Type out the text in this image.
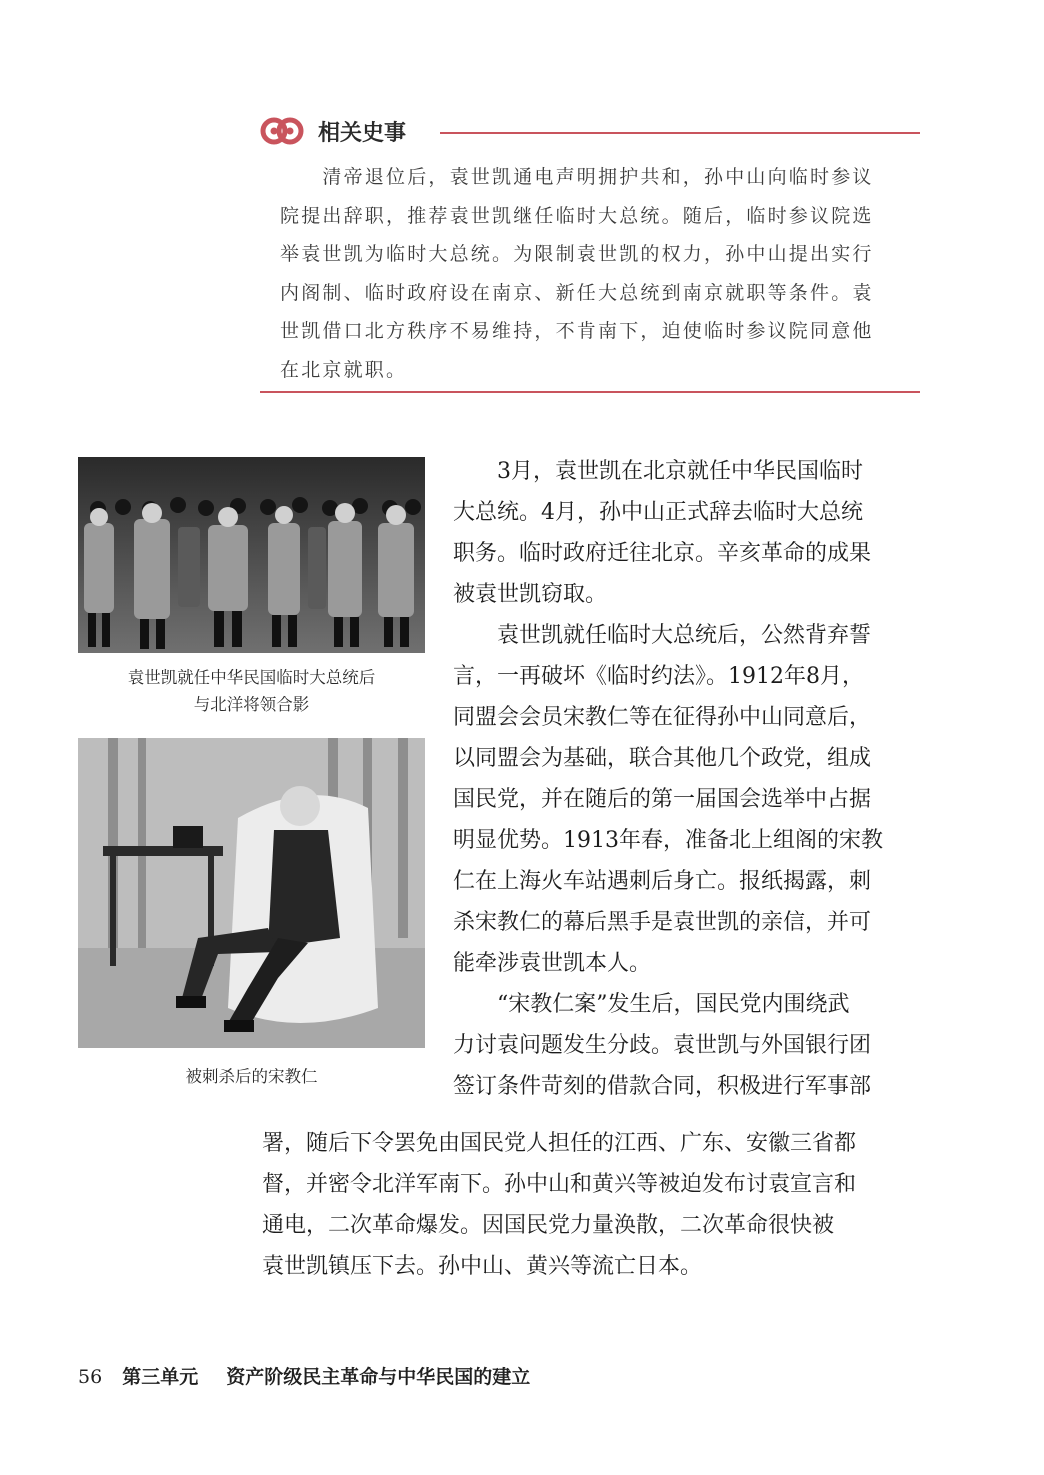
相关史事
　　清帝退位后，袁世凯通电声明拥护共和，孙中山向临时参议
院提出辞职，推荐袁世凯继任临时大总统。随后，临时参议院选
举袁世凯为临时大总统。为限制袁世凯的权力，孙中山提出实行
内阁制、临时政府设在南京、新任大总统到南京就职等条件。袁
世凯借口北方秩序不易维持，不肯南下，迫使临时参议院同意他
在北京就职。
袁世凯就任中华民国临时大总统后
与北洋将领合影
被刺杀后的宋教仁
3月，袁世凯在北京就任中华民国临时
大总统。4月，孙中山正式辞去临时大总统
职务。临时政府迁往北京。辛亥革命的成果
被袁世凯窃取。
袁世凯就任临时大总统后，公然背弃誓
言，一再破坏《临时约法》。1912年8月，
同盟会会员宋教仁等在征得孙中山同意后，
以同盟会为基础，联合其他几个政党，组成
国民党，并在随后的第一届国会选举中占据
明显优势。1913年春，准备北上组阁的宋教
仁在上海火车站遇刺后身亡。报纸揭露，刺
杀宋教仁的幕后黑手是袁世凯的亲信，并可
能牵涉袁世凯本人。
“宋教仁案”发生后，国民党内围绕武
力讨袁问题发生分歧。袁世凯与外国银行团
签订条件苛刻的借款合同，积极进行军事部
署，随后下令罢免由国民党人担任的江西、广东、安徽三省都
督，并密令北洋军南下。孙中山和黄兴等被迫发布讨袁宣言和
通电，二次革命爆发。因国民党力量涣散，二次革命很快被
袁世凯镇压下去。孙中山、黄兴等流亡日本。
56 第三单元 资产阶级民主革命与中华民国的建立
